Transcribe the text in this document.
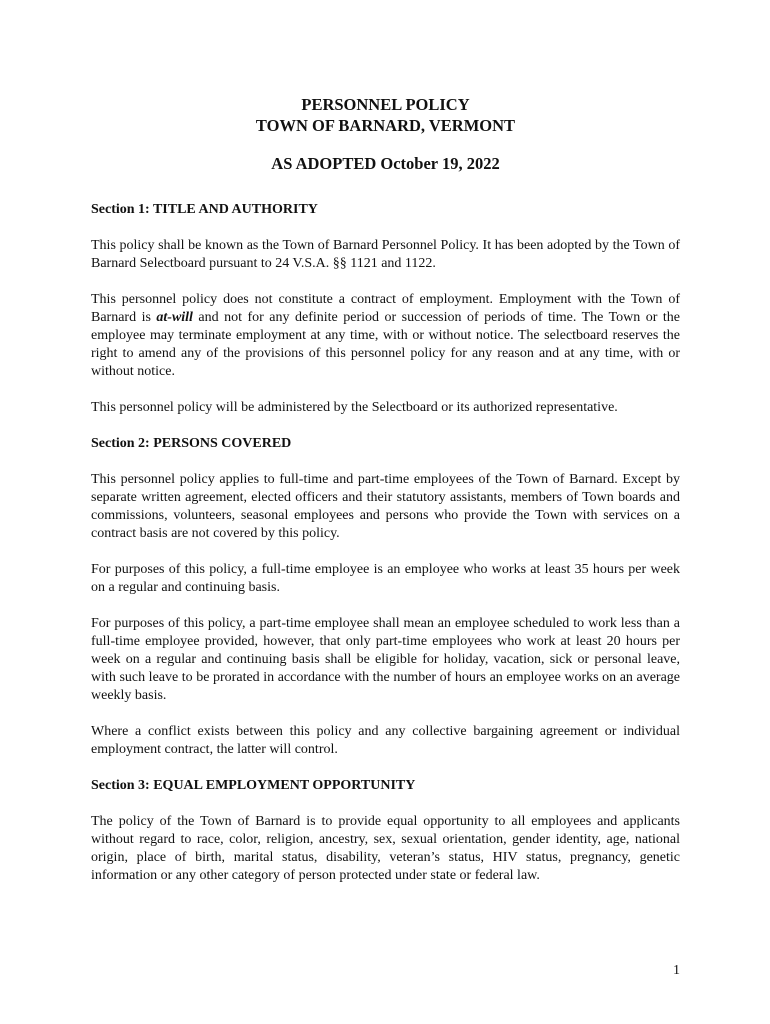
PERSONNEL POLICY

TOWN OF BARNARD, VERMONT

AS ADOPTED October 19, 2022

Section 1: TITLE AND AUTHORITY

This policy shall be known as the Town of Barnard Personnel Policy. It has been adopted by the Town of Barnard Selectboard pursuant to 24 V.S.A. §§ 1121 and 1122.

This personnel policy does not constitute a contract of employment. Employment with the Town of Barnard is at-will and not for any definite period or succession of periods of time. The Town or the employee may terminate employment at any time, with or without notice. The selectboard reserves the right to amend any of the provisions of this personnel policy for any reason and at any time, with or without notice.

This personnel policy will be administered by the Selectboard or its authorized representative.

Section 2: PERSONS COVERED

This personnel policy applies to full-time and part-time employees of the Town of Barnard. Except by separate written agreement, elected officers and their statutory assistants, members of Town boards and commissions, volunteers, seasonal employees and persons who provide the Town with services on a contract basis are not covered by this policy.

For purposes of this policy, a full-time employee is an employee who works at least 35 hours per week on a regular and continuing basis.

For purposes of this policy, a part-time employee shall mean an employee scheduled to work less than a full-time employee provided, however, that only part-time employees who work at least 20 hours per week on a regular and continuing basis shall be eligible for holiday, vacation, sick or personal leave, with such leave to be prorated in accordance with the number of hours an employee works on an average weekly basis.

Where a conflict exists between this policy and any collective bargaining agreement or individual employment contract, the latter will control.

Section 3: EQUAL EMPLOYMENT OPPORTUNITY

The policy of the Town of Barnard is to provide equal opportunity to all employees and applicants without regard to race, color, religion, ancestry, sex, sexual orientation, gender identity, age, national origin, place of birth, marital status, disability, veteran’s status, HIV status, pregnancy, genetic information or any other category of person protected under state or federal law.

1
